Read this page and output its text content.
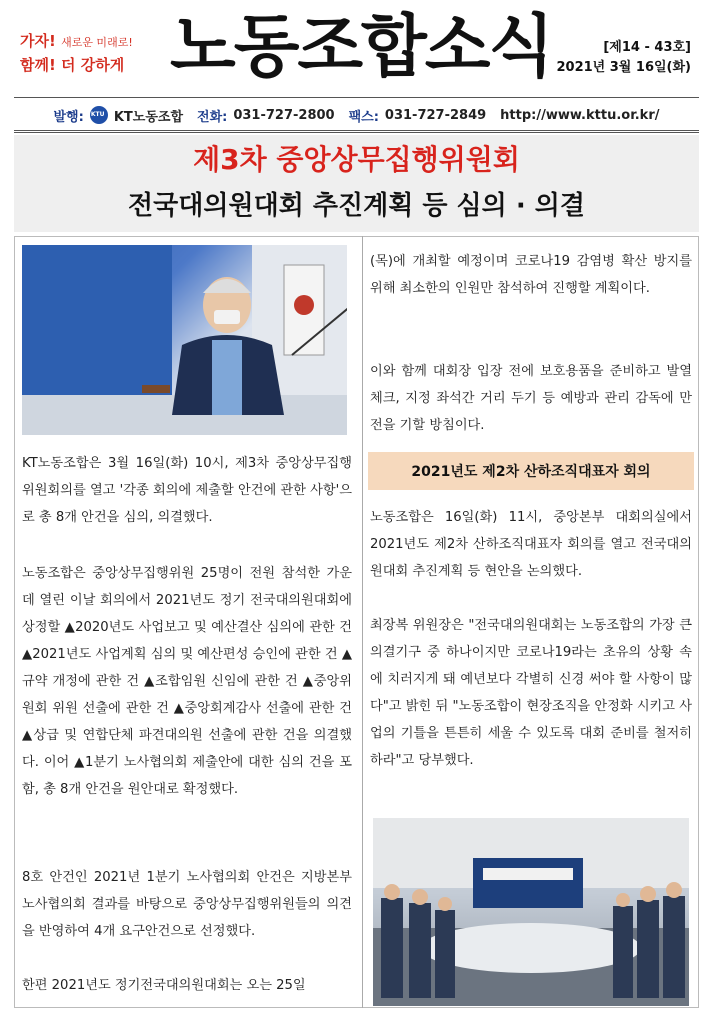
가자! 새로운 미래로!
함께! 더 강하게 노동조합소식	[제14 - 43호]
2021년 3월 16일(화)
발행:
KTU KT노동조합 전화: 031-727-2800 팩스: 031-727-2849 http://www.kttu.or.kr/
제3차 중앙상무집행위원회
전국대의원대회 추진계획 등 심의 · 의결
KT노동조합은 3월 16일(화) 10시, 제3차 중앙상무집행위원회의를 열고 '각종 회의에 제출할 안건에 관한 사항'으로 총 8개 안건을 심의, 의결했다.
노동조합은 중앙상무집행위원 25명이 전원 참석한 가운데 열린 이날 회의에서 2021년도 정기 전국대의원대회에 상정할 ▲2020년도 사업보고 및 예산결산 심의에 관한 건 ▲2021년도 사업계획 심의 및 예산편성 승인에 관한 건 ▲규약 개정에 관한 건 ▲조합임원 신임에 관한 건 ▲중앙위원회 위원 선출에 관한 건 ▲중앙회계감사 선출에 관한 건 ▲상급 및 연합단체 파견대의원 선출에 관한 건을 의결했다. 이어 ▲1분기 노사협의회 제출안에 대한 심의 건을 포함, 총 8개 안건을 원안대로 확정했다.
8호 안건인 2021년 1분기 노사협의회 안건은 지방본부 노사협의회 결과를 바탕으로 중앙상무집행위원들의 의견을 반영하여 4개 요구안건으로 선정했다.
한편 2021년도 정기전국대의원대회는 오는 25일
(목)에 개최할 예정이며 코로나19 감염병 확산 방지를 위해 최소한의 인원만 참석하여 진행할 계획이다.
이와 함께 대회장 입장 전에 보호용품을 준비하고 발열체크, 지정 좌석간 거리 두기 등 예방과 관리 감독에 만전을 기할 방침이다.
2021년도 제2차 산하조직대표자 회의
노동조합은 16일(화) 11시, 중앙본부 대회의실에서 2021년도 제2차 산하조직대표자 회의를 열고 전국대의원대회 추진계획 등 현안을 논의했다.
최장복 위원장은 "전국대의원대회는 노동조합의 가장 큰 의결기구 중 하나이지만 코로나19라는 초유의 상황 속에 치러지게 돼 예년보다 각별히 신경 써야 할 사항이 많다"고 밝힌 뒤 "노동조합이 현장조직을 안정화 시키고 사업의 기틀을 튼튼히 세울 수 있도록 대회 준비를 철저히 하라"고 당부했다.
